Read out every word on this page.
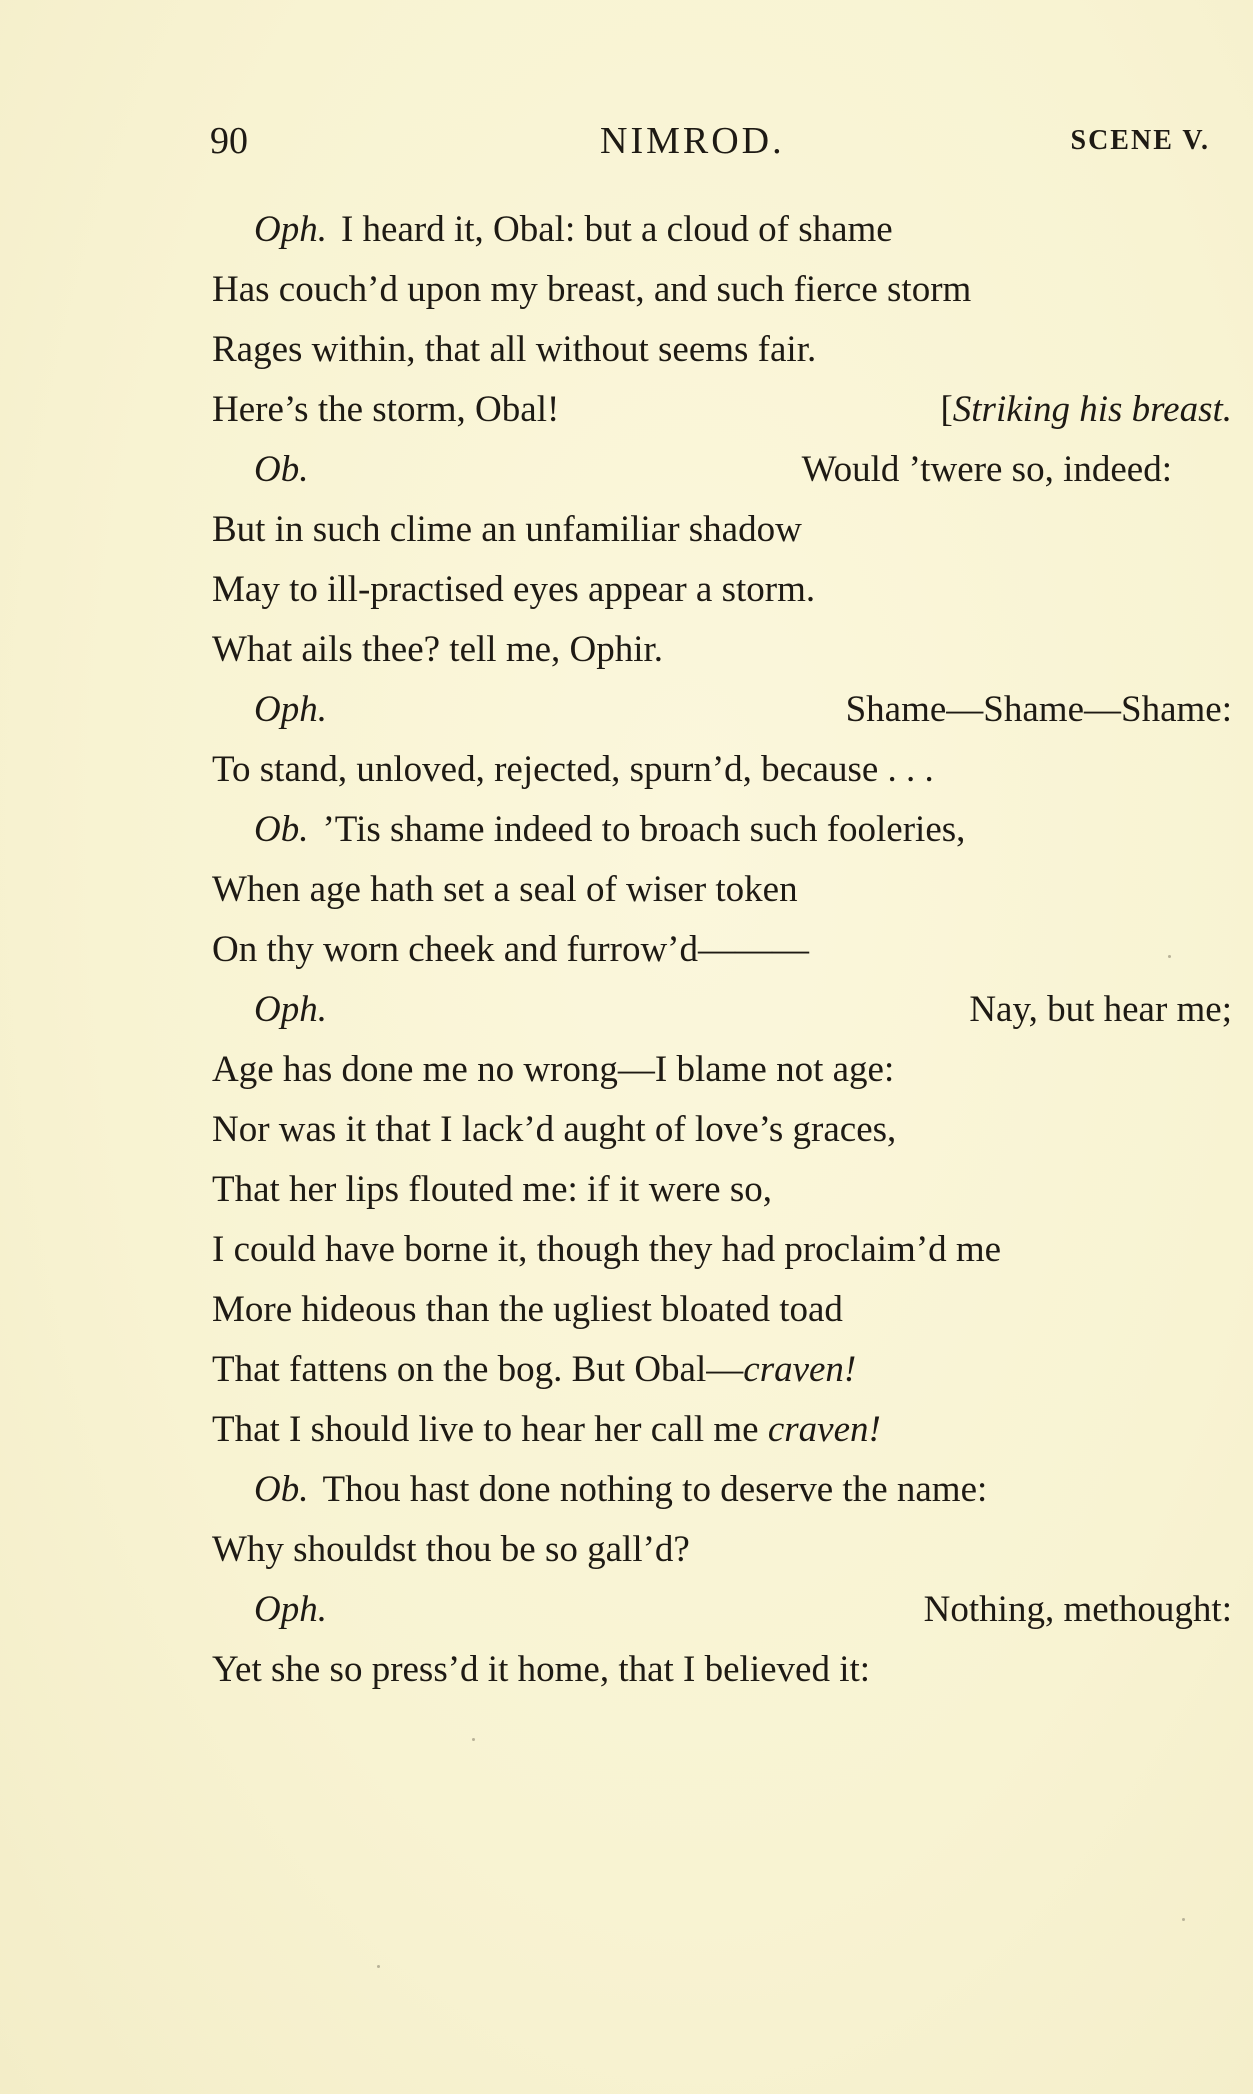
90	NIMROD.	SCENE V.
Oph. I heard it, Obal: but a cloud of shame
Has couch’d upon my breast, and such fierce storm
Rages within, that all without seems fair.
Here’s the storm, Obal!	[Striking his breast.
Ob.	Would ’twere so, indeed:
But in such clime an unfamiliar shadow
May to ill-practised eyes appear a storm.
What ails thee? tell me, Ophir.
Oph.	Shame—Shame—Shame:
To stand, unloved, rejected, spurn’d, because . . .
Ob. ’Tis shame indeed to broach such fooleries,
When age hath set a seal of wiser token
On thy worn cheek and furrow’d———
Oph.	Nay, but hear me;
Age has done me no wrong—I blame not age:
Nor was it that I lack’d aught of love’s graces,
That her lips flouted me: if it were so,
I could have borne it, though they had proclaim’d me
More hideous than the ugliest bloated toad
That fattens on the bog. But Obal—craven!
That I should live to hear her call me craven!
Ob. Thou hast done nothing to deserve the name:
Why shouldst thou be so gall’d?
Oph.	Nothing, methought:
Yet she so press’d it home, that I believed it:
